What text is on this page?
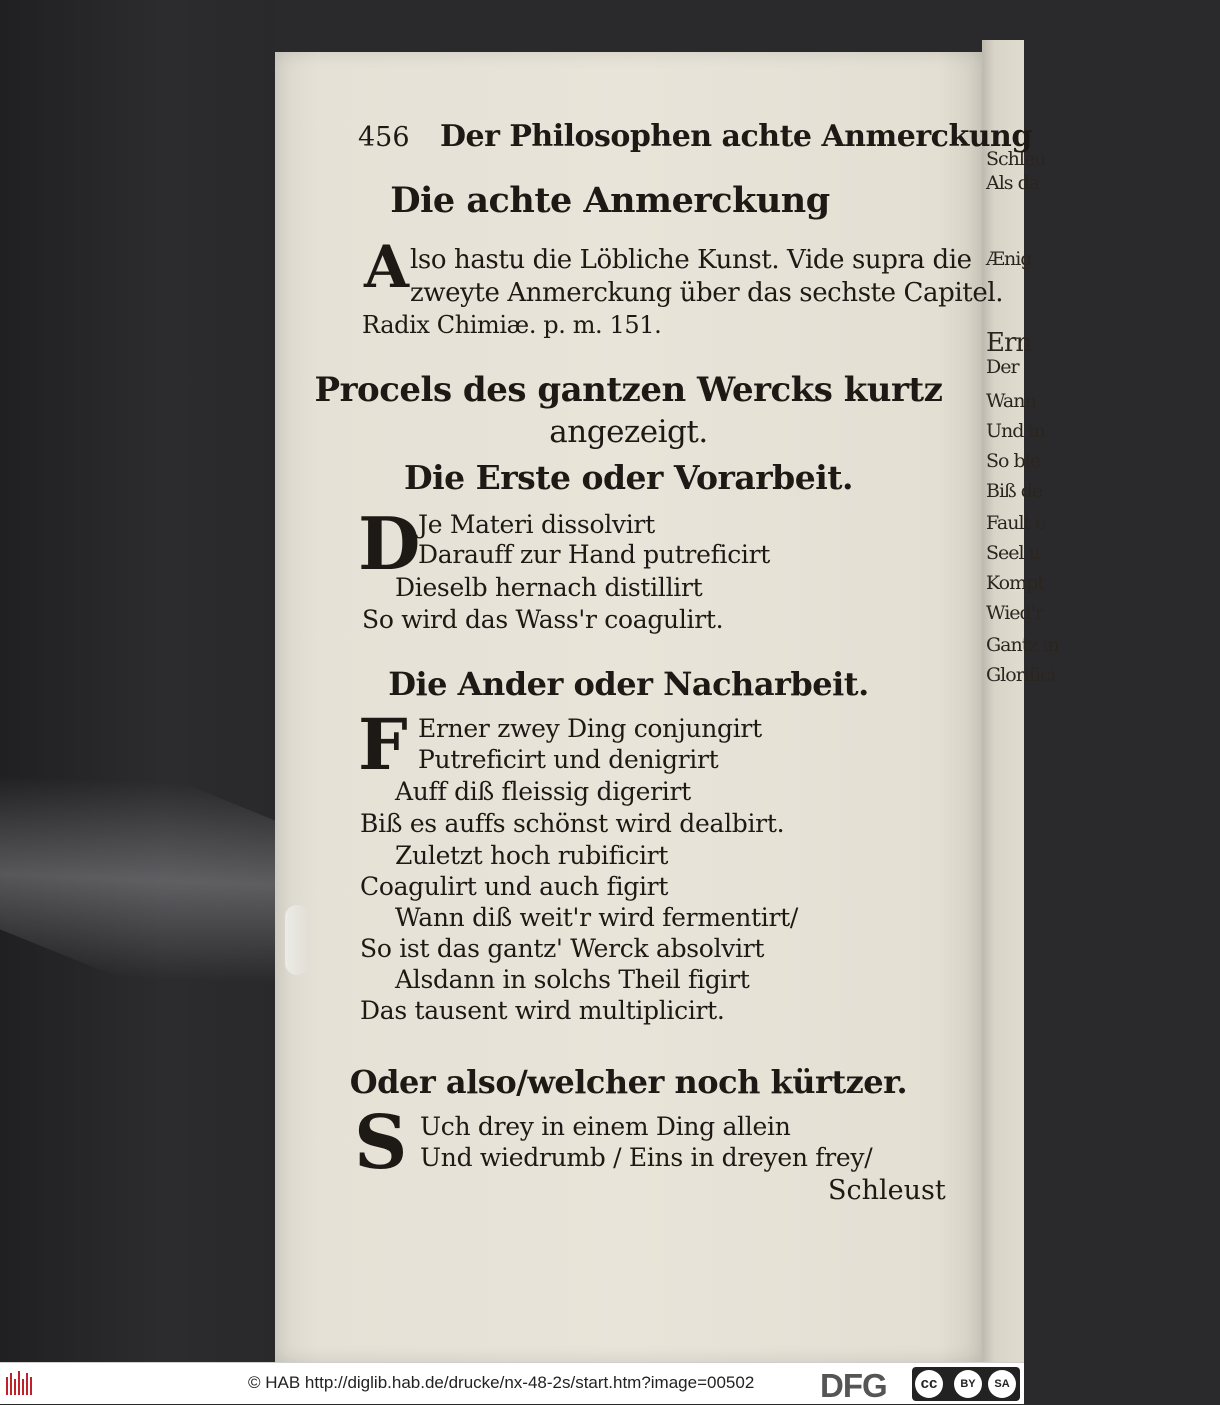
Schleu
Als da
Ænig
Ern
Der
Wann
Und in
So ble
Biß de
Fault e
Seel u
Kompt
Wied'r
Gantz in
Glorifici
456 Der Philosophen achte Anmerckung
Die achte Anmerckung
A lso hastu die Löbliche Kunst. Vide supra die
zweyte Anmerckung über das sechste Capitel.
Radix Chimiæ. p. m. 151.
Procels des gantzen Wercks kurtz
angezeigt.
Die Erste oder Vorarbeit.
D
Je Materi dissolvirt
Darauff zur Hand putreficirt
Dieselb hernach distillirt
So wird das Wass'r coagulirt.
Die Ander oder Nacharbeit.
F Erner zwey Ding conjungirt
Putreficirt und denigrirt
Auff diß fleissig digerirt
Biß es auffs schönst wird dealbirt.
Zuletzt hoch rubificirt
Coagulirt und auch figirt
Wann diß weit'r wird fermentirt/
So ist das gantz' Werck absolvirt
Alsdann in solchs Theil figirt
Das tausent wird multiplicirt.
Oder also/welcher noch kürtzer.
S Uch drey in einem Ding allein
Und wiedrumb / Eins in dreyen frey/
Schleust
© HAB http://diglib.hab.de/drucke/nx-48-2s/start.htm?image=00502 DFG	cc	BY	SA
